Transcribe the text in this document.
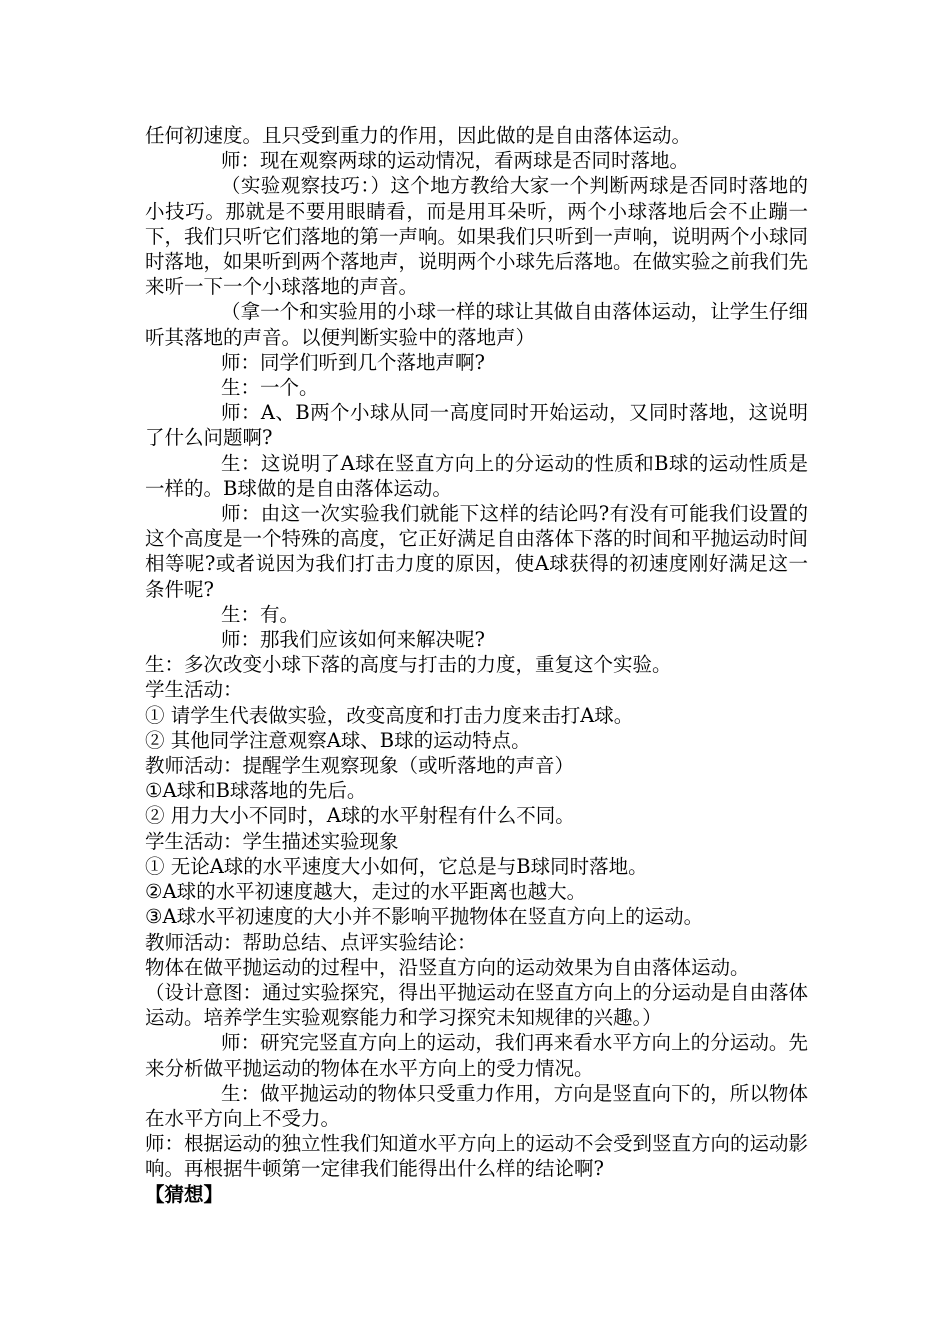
任何初速度。且只受到重力的作用，因此做的是自由落体运动。

师：现在观察两球的运动情况，看两球是否同时落地。

（实验观察技巧：）这个地方教给大家一个判断两球是否同时落地的小技巧。那就是不要用眼睛看，而是用耳朵听，两个小球落地后会不止蹦一下，我们只听它们落地的第一声响。如果我们只听到一声响，说明两个小球同时落地，如果听到两个落地声，说明两个小球先后落地。在做实验之前我们先来听一下一个小球落地的声音。

（拿一个和实验用的小球一样的球让其做自由落体运动，让学生仔细听其落地的声音。以便判断实验中的落地声）

师：同学们听到几个落地声啊?

生：一个。

师：A、B两个小球从同一高度同时开始运动，又同时落地，这说明了什么问题啊?

生：这说明了A球在竖直方向上的分运动的性质和B球的运动性质是一样的。B球做的是自由落体运动。

师：由这一次实验我们就能下这样的结论吗?有没有可能我们设置的这个高度是一个特殊的高度，它正好满足自由落体下落的时间和平抛运动时间相等呢?或者说因为我们打击力度的原因，使A球获得的初速度刚好满足这一条件呢?

生：有。

师：那我们应该如何来解决呢?

生：多次改变小球下落的高度与打击的力度，重复这个实验。

学生活动：

① 请学生代表做实验，改变高度和打击力度来击打A球。

② 其他同学注意观察A球、B球的运动特点。

教师活动：提醒学生观察现象（或听落地的声音）

①A球和B球落地的先后。

② 用力大小不同时，A球的水平射程有什么不同。

学生活动：学生描述实验现象

① 无论A球的水平速度大小如何，它总是与B球同时落地。

②A球的水平初速度越大，走过的水平距离也越大。

③A球水平初速度的大小并不影响平抛物体在竖直方向上的运动。

教师活动：帮助总结、点评实验结论：

物体在做平抛运动的过程中，沿竖直方向的运动效果为自由落体运动。

（设计意图：通过实验探究，得出平抛运动在竖直方向上的分运动是自由落体运动。培养学生实验观察能力和学习探究未知规律的兴趣。）

师：研究完竖直方向上的运动，我们再来看水平方向上的分运动。先来分析做平抛运动的物体在水平方向上的受力情况。

生：做平抛运动的物体只受重力作用，方向是竖直向下的，所以物体在水平方向上不受力。

师：根据运动的独立性我们知道水平方向上的运动不会受到竖直方向的运动影响。再根据牛顿第一定律我们能得出什么样的结论啊?

【猜想】
